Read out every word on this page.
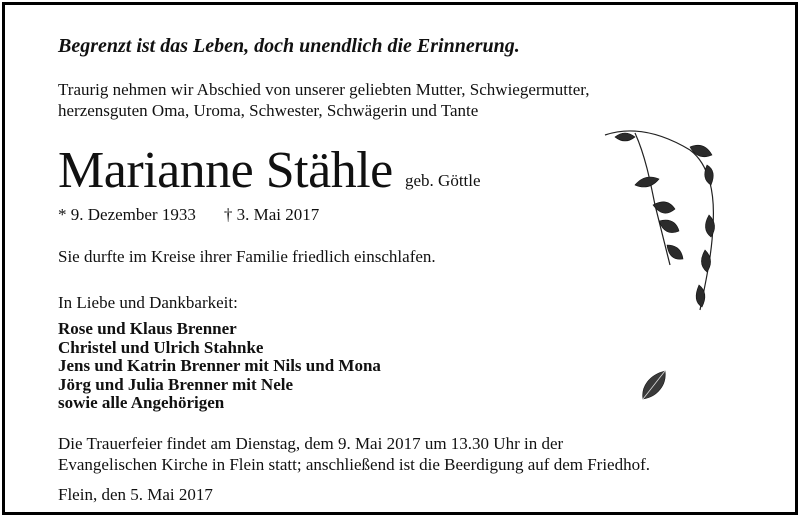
Begrenzt ist das Leben, doch unendlich die Erinnerung.

Traurig nehmen wir Abschied von unserer geliebten Mutter, Schwiegermutter,
herzensguten Oma, Uroma, Schwester, Schwägerin und Tante

Marianne Stähle geb. Göttle

* 9. Dezember 1933 † 3. Mai 2017

Sie durfte im Kreise ihrer Familie friedlich einschlafen.

In Liebe und Dankbarkeit:

Rose und Klaus Brenner
Christel und Ulrich Stahnke
Jens und Katrin Brenner mit Nils und Mona
Jörg und Julia Brenner mit Nele
sowie alle Angehörigen
Die Trauerfeier findet am Dienstag, dem 9. Mai 2017 um 13.30 Uhr in der
Evangelischen Kirche in Flein statt; anschließend ist die Beerdigung auf dem Friedhof.

Flein, den 5. Mai 2017
